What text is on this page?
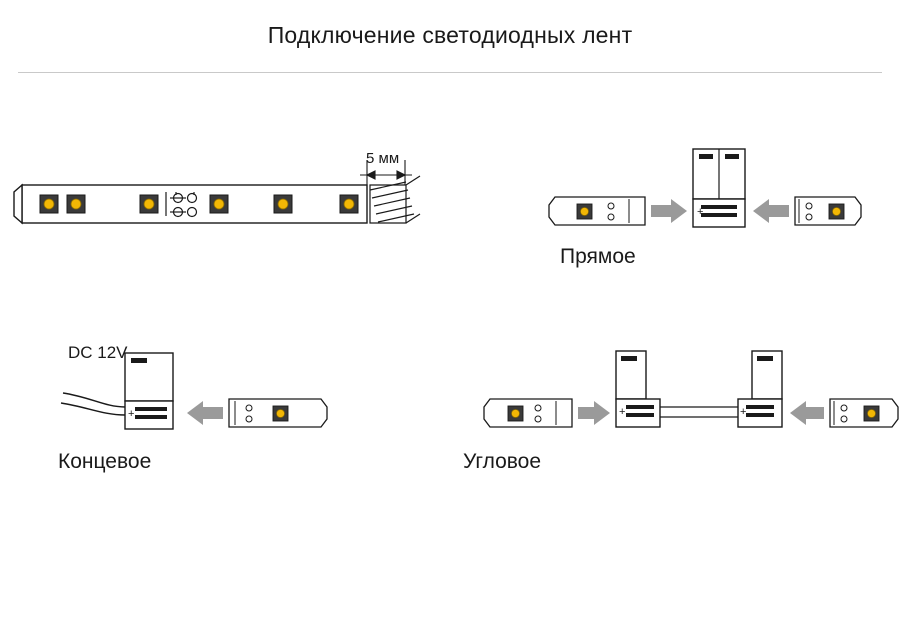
Подключение светодиодных лент
5 мм
+
Прямое
+
DC 12V
Концевое
+	+
Угловое
